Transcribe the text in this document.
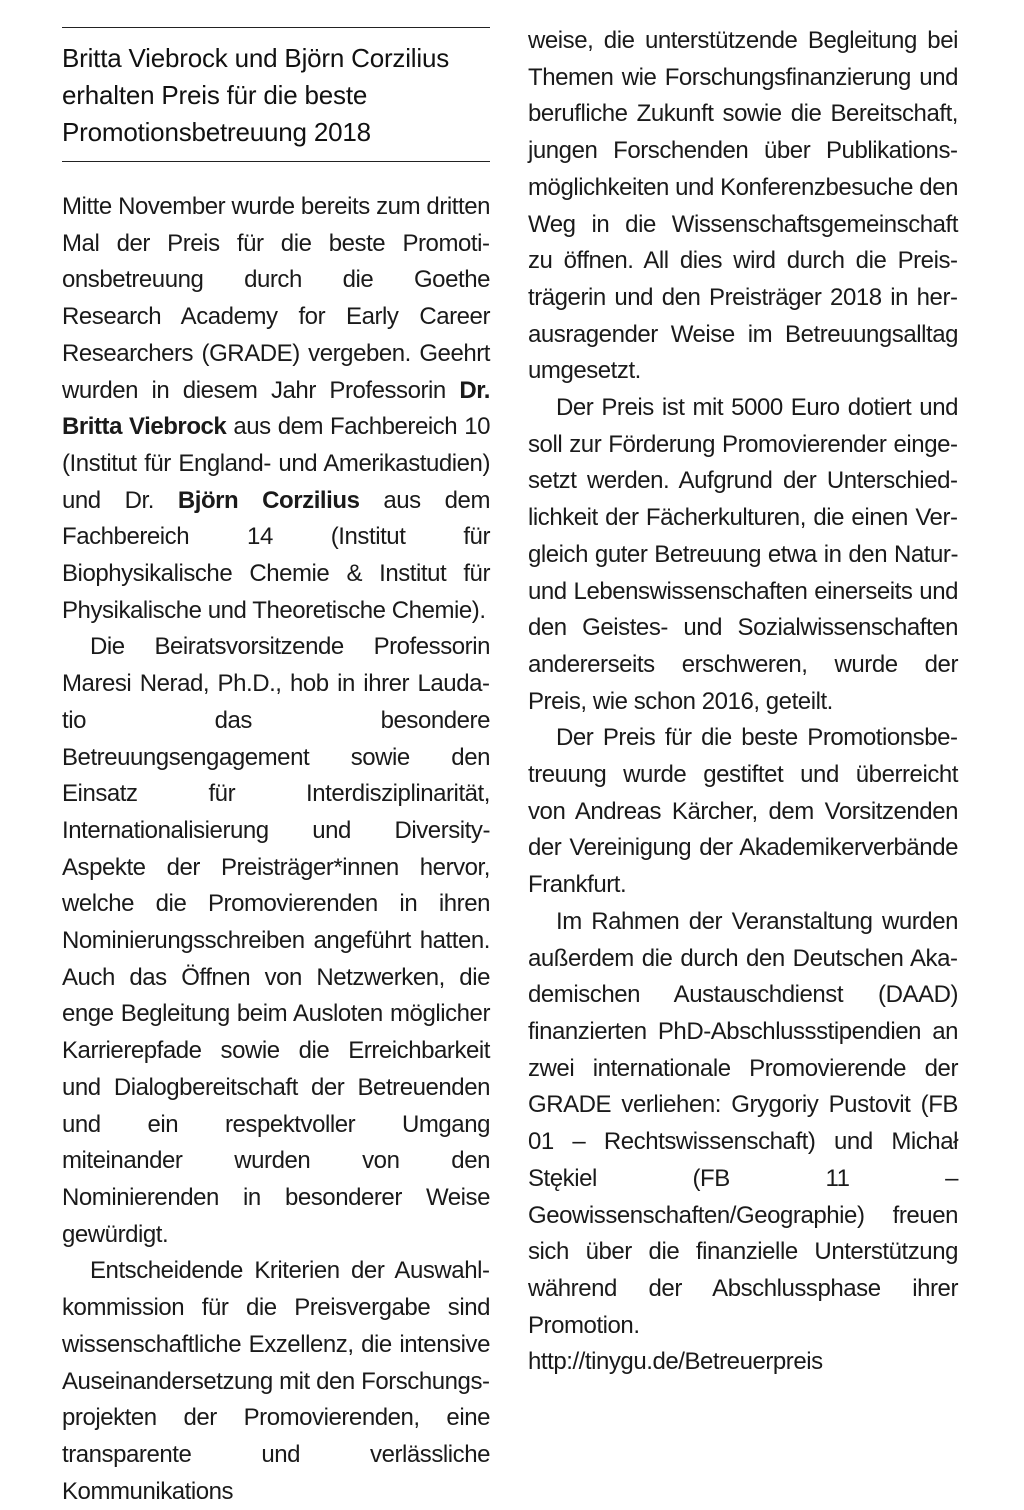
Britta Viebrock und Björn Corzilius erhalten Preis für die beste Promotionsbetreuung 2018

Mitte November wurde bereits zum dritten Mal der Preis für die beste Promotionsbetreuung durch die Goethe Research Academy for Early Career Researchers (GRADE) vergeben. Geehrt wurden in diesem Jahr Professorin Dr. Britta Viebrock aus dem Fachbereich 10 (Institut für England- und Amerikastudien) und Dr. Björn Corzilius aus dem Fachbereich 14 (Institut für Biophysikalische Chemie & Institut für Physikalische und Theoretische Chemie).

Die Beiratsvorsitzende Professorin Maresi Nerad, Ph.D., hob in ihrer Laudatio das besondere Betreuungsengagement sowie den Einsatz für Interdisziplinarität, Internationalisierung und Diversity-Aspekte der Preisträger*innen hervor, welche die Promovierenden in ihren Nominierungsschreiben angeführt hatten. Auch das Öffnen von Netzwerken, die enge Begleitung beim Ausloten möglicher Karrierepfade sowie die Erreichbarkeit und Dialogbereitschaft der Betreuenden und ein respektvoller Umgang miteinander wurden von den Nominierenden in besonderer Weise gewürdigt.

Entscheidende Kriterien der Auswahlkommission für die Preisvergabe sind wissenschaftliche Exzellenz, die intensive Auseinandersetzung mit den Forschungsprojekten der Promovierenden, eine transparente und verlässliche Kommunikations

weise, die unterstützende Begleitung bei Themen wie Forschungsfinanzierung und berufliche Zukunft sowie die Bereitschaft, jungen Forschenden über Publikationsmöglichkeiten und Konferenzbesuche den Weg in die Wissenschaftsgemeinschaft zu öffnen. All dies wird durch die Preisträgerin und den Preisträger 2018 in herausragender Weise im Betreuungsalltag umgesetzt.

Der Preis ist mit 5000 Euro dotiert und soll zur Förderung Promovierender eingesetzt werden. Aufgrund der Unterschiedlichkeit der Fächerkulturen, die einen Vergleich guter Betreuung etwa in den Natur- und Lebenswissenschaften einerseits und den Geistes- und Sozialwissenschaften andererseits erschweren, wurde der Preis, wie schon 2016, geteilt.

Der Preis für die beste Promotionsbetreuung wurde gestiftet und überreicht von Andreas Kärcher, dem Vorsitzenden der Vereinigung der Akademikerverbände Frankfurt.

Im Rahmen der Veranstaltung wurden außerdem die durch den Deutschen Akademischen Austauschdienst (DAAD) finanzierten PhD-Abschlussstipendien an zwei internationale Promovierende der GRADE verliehen: Grygoriy Pustovit (FB 01 – Rechtswissenschaft) und Michał Stękiel (FB 11 – Geowissenschaften/Geographie) freuen sich über die finanzielle Unterstützung während der Abschlussphase ihrer Promotion.

http://tinygu.de/Betreuerpreis
